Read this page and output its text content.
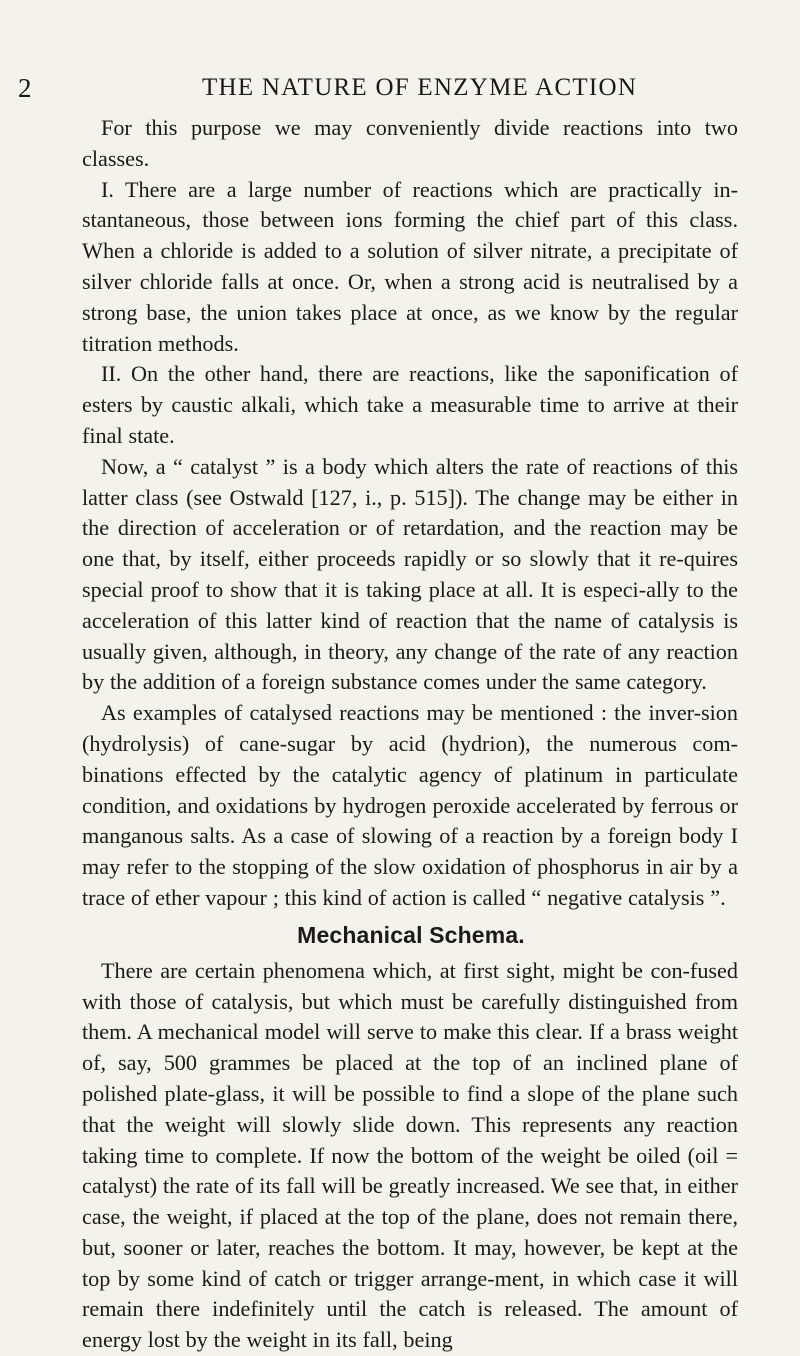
2	THE NATURE OF ENZYME ACTION

For this purpose we may conveniently divide reactions into two classes.

I. There are a large number of reactions which are practically in-stantaneous, those between ions forming the chief part of this class. When a chloride is added to a solution of silver nitrate, a precipitate of silver chloride falls at once. Or, when a strong acid is neutralised by a strong base, the union takes place at once, as we know by the regular titration methods.

II. On the other hand, there are reactions, like the saponification of esters by caustic alkali, which take a measurable time to arrive at their final state.

Now, a “ catalyst ” is a body which alters the rate of reactions of this latter class (see Ostwald [127, i., p. 515]). The change may be either in the direction of acceleration or of retardation, and the reaction may be one that, by itself, either proceeds rapidly or so slowly that it re-quires special proof to show that it is taking place at all. It is especi-ally to the acceleration of this latter kind of reaction that the name of catalysis is usually given, although, in theory, any change of the rate of any reaction by the addition of a foreign substance comes under the same category.

As examples of catalysed reactions may be mentioned : the inver-sion (hydrolysis) of cane-sugar by acid (hydrion), the numerous com-binations effected by the catalytic agency of platinum in particulate condition, and oxidations by hydrogen peroxide accelerated by ferrous or manganous salts. As a case of slowing of a reaction by a foreign body I may refer to the stopping of the slow oxidation of phosphorus in air by a trace of ether vapour ; this kind of action is called “ negative catalysis ”.

Mechanical Schema.

There are certain phenomena which, at first sight, might be con-fused with those of catalysis, but which must be carefully distinguished from them. A mechanical model will serve to make this clear. If a brass weight of, say, 500 grammes be placed at the top of an inclined plane of polished plate-glass, it will be possible to find a slope of the plane such that the weight will slowly slide down. This represents any reaction taking time to complete. If now the bottom of the weight be oiled (oil = catalyst) the rate of its fall will be greatly increased. We see that, in either case, the weight, if placed at the top of the plane, does not remain there, but, sooner or later, reaches the bottom. It may, however, be kept at the top by some kind of catch or trigger arrange-ment, in which case it will remain there indefinitely until the catch is released. The amount of energy lost by the weight in its fall, being
